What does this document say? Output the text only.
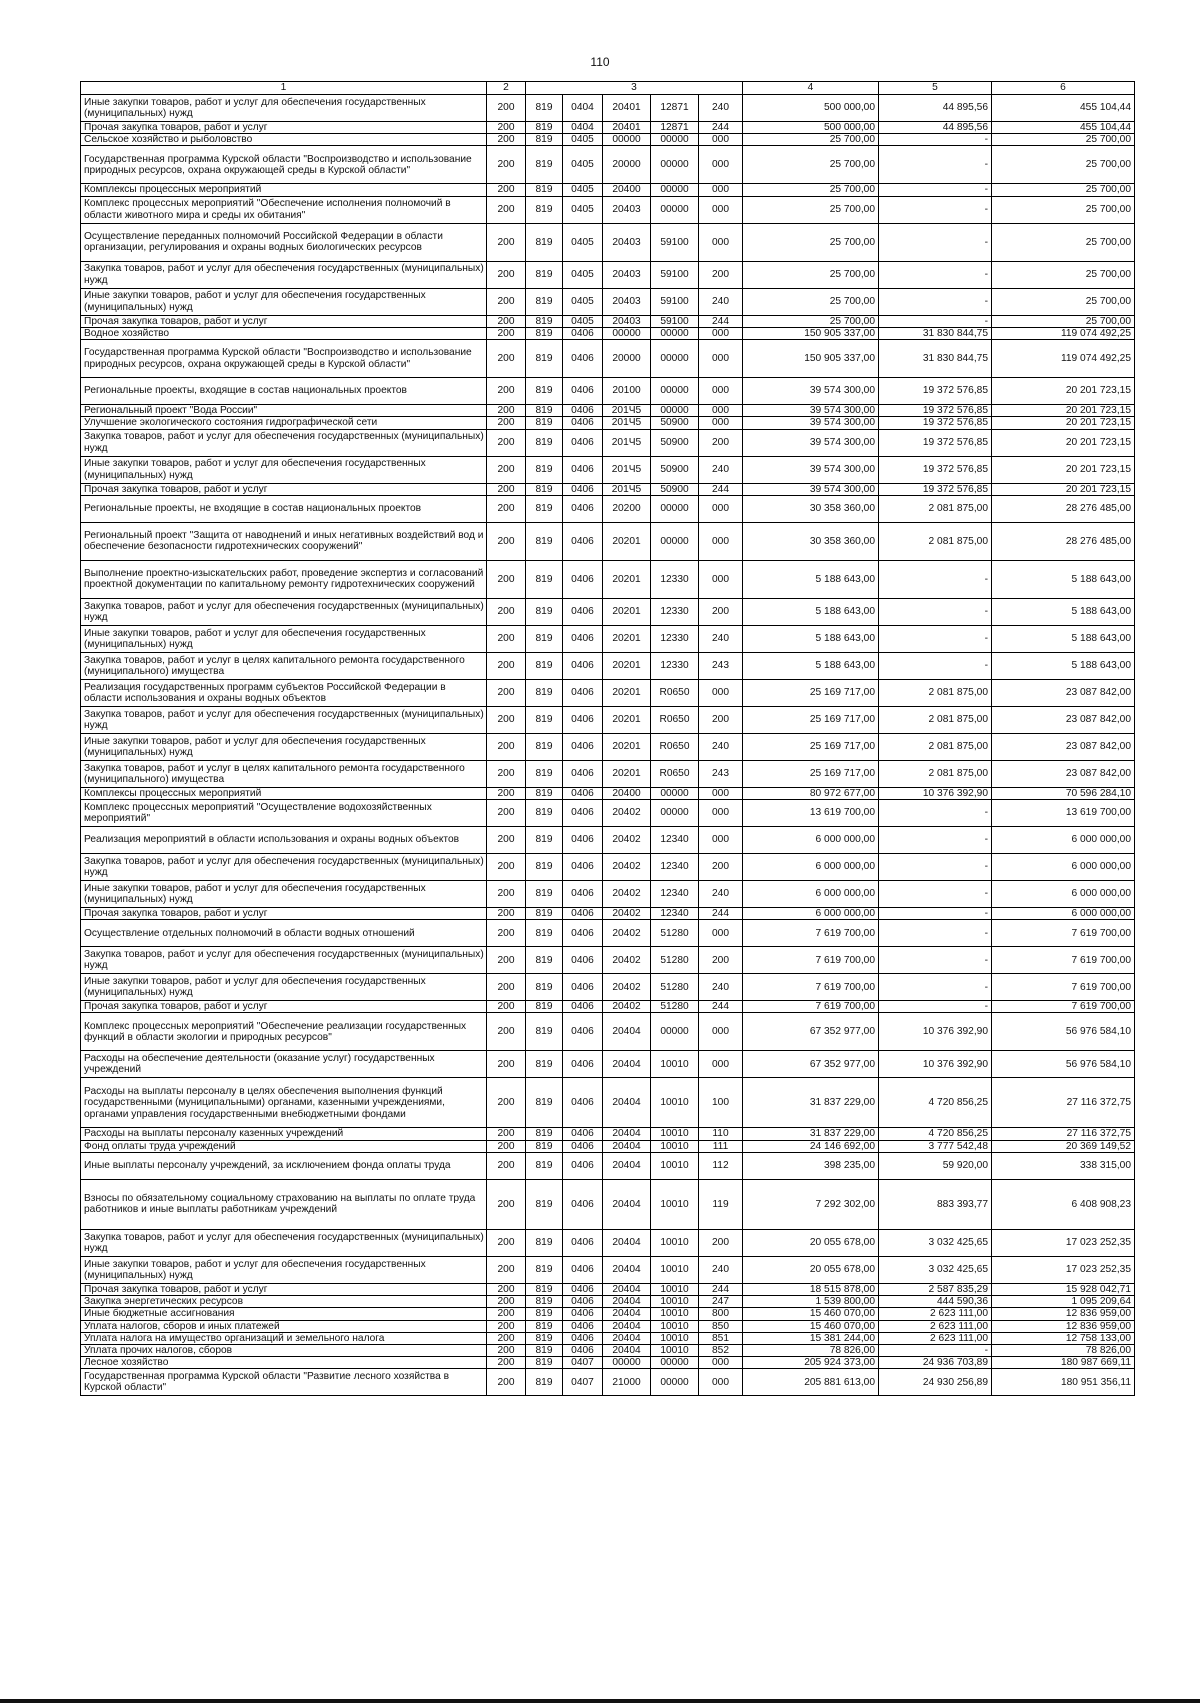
110
1	2	3					4	5	6
Иные закупки товаров, работ и услуг для обеспечения государственных (муниципальных) нужд	200	819	0404	20401	12871	240	500 000,00	44 895,56	455 104,44
Прочая закупка товаров, работ и услуг	200	819	0404	20401	12871	244	500 000,00	44 895,56	455 104,44
Сельское хозяйство и рыболовство	200	819	0405	00000	00000	000	25 700,00	-	25 700,00
Государственная программа Курской области "Воспроизводство и использование природных ресурсов, охрана окружающей среды в Курской области"	200	819	0405	20000	00000	000	25 700,00	-	25 700,00
Комплексы процессных мероприятий	200	819	0405	20400	00000	000	25 700,00	-	25 700,00
Комплекс процессных мероприятий "Обеспечение исполнения полномочий в области животного мира и среды их обитания"	200	819	0405	20403	00000	000	25 700,00	-	25 700,00
Осуществление переданных полномочий Российской Федерации в области организации, регулирования и охраны водных биологических ресурсов	200	819	0405	20403	59100	000	25 700,00	-	25 700,00
Закупка товаров, работ и услуг для обеспечения государственных (муниципальных) нужд	200	819	0405	20403	59100	200	25 700,00	-	25 700,00
Иные закупки товаров, работ и услуг для обеспечения государственных (муниципальных) нужд	200	819	0405	20403	59100	240	25 700,00	-	25 700,00
Прочая закупка товаров, работ и услуг	200	819	0405	20403	59100	244	25 700,00	-	25 700,00
Водное хозяйство	200	819	0406	00000	00000	000	150 905 337,00	31 830 844,75	119 074 492,25
Государственная программа Курской области "Воспроизводство и использование природных ресурсов, охрана окружающей среды в Курской области"	200	819	0406	20000	00000	000	150 905 337,00	31 830 844,75	119 074 492,25
Региональные проекты, входящие в состав национальных проектов	200	819	0406	20100	00000	000	39 574 300,00	19 372 576,85	20 201 723,15
Региональный проект "Вода России"	200	819	0406	201Ч5	00000	000	39 574 300,00	19 372 576,85	20 201 723,15
Улучшение экологического состояния гидрографической сети	200	819	0406	201Ч5	50900	000	39 574 300,00	19 372 576,85	20 201 723,15
Закупка товаров, работ и услуг для обеспечения государственных (муниципальных) нужд	200	819	0406	201Ч5	50900	200	39 574 300,00	19 372 576,85	20 201 723,15
Иные закупки товаров, работ и услуг для обеспечения государственных (муниципальных) нужд	200	819	0406	201Ч5	50900	240	39 574 300,00	19 372 576,85	20 201 723,15
Прочая закупка товаров, работ и услуг	200	819	0406	201Ч5	50900	244	39 574 300,00	19 372 576,85	20 201 723,15
Региональные проекты, не входящие в состав национальных проектов	200	819	0406	20200	00000	000	30 358 360,00	2 081 875,00	28 276 485,00
Региональный проект "Защита от наводнений и иных негативных воздействий вод и обеспечение безопасности гидротехнических сооружений"	200	819	0406	20201	00000	000	30 358 360,00	2 081 875,00	28 276 485,00
Выполнение проектно-изыскательских работ, проведение экспертиз и согласований проектной документации по капитальному ремонту гидротехнических сооружений	200	819	0406	20201	12330	000	5 188 643,00	-	5 188 643,00
Закупка товаров, работ и услуг для обеспечения государственных (муниципальных) нужд	200	819	0406	20201	12330	200	5 188 643,00	-	5 188 643,00
Иные закупки товаров, работ и услуг для обеспечения государственных (муниципальных) нужд	200	819	0406	20201	12330	240	5 188 643,00	-	5 188 643,00
Закупка товаров, работ и услуг в целях капитального ремонта государственного (муниципального) имущества	200	819	0406	20201	12330	243	5 188 643,00	-	5 188 643,00
Реализация государственных программ субъектов Российской Федерации в области использования и охраны водных объектов	200	819	0406	20201	R0650	000	25 169 717,00	2 081 875,00	23 087 842,00
Закупка товаров, работ и услуг для обеспечения государственных (муниципальных) нужд	200	819	0406	20201	R0650	200	25 169 717,00	2 081 875,00	23 087 842,00
Иные закупки товаров, работ и услуг для обеспечения государственных (муниципальных) нужд	200	819	0406	20201	R0650	240	25 169 717,00	2 081 875,00	23 087 842,00
Закупка товаров, работ и услуг в целях капитального ремонта государственного (муниципального) имущества	200	819	0406	20201	R0650	243	25 169 717,00	2 081 875,00	23 087 842,00
Комплексы процессных мероприятий	200	819	0406	20400	00000	000	80 972 677,00	10 376 392,90	70 596 284,10
Комплекс процессных мероприятий "Осуществление водохозяйственных мероприятий"	200	819	0406	20402	00000	000	13 619 700,00	-	13 619 700,00
Реализация мероприятий в области использования и охраны водных объектов	200	819	0406	20402	12340	000	6 000 000,00	-	6 000 000,00
Закупка товаров, работ и услуг для обеспечения государственных (муниципальных) нужд	200	819	0406	20402	12340	200	6 000 000,00	-	6 000 000,00
Иные закупки товаров, работ и услуг для обеспечения государственных (муниципальных) нужд	200	819	0406	20402	12340	240	6 000 000,00	-	6 000 000,00
Прочая закупка товаров, работ и услуг	200	819	0406	20402	12340	244	6 000 000,00	-	6 000 000,00
Осуществление отдельных полномочий в области водных отношений	200	819	0406	20402	51280	000	7 619 700,00	-	7 619 700,00
Закупка товаров, работ и услуг для обеспечения государственных (муниципальных) нужд	200	819	0406	20402	51280	200	7 619 700,00	-	7 619 700,00
Иные закупки товаров, работ и услуг для обеспечения государственных (муниципальных) нужд	200	819	0406	20402	51280	240	7 619 700,00	-	7 619 700,00
Прочая закупка товаров, работ и услуг	200	819	0406	20402	51280	244	7 619 700,00	-	7 619 700,00
Комплекс процессных мероприятий "Обеспечение реализации государственных функций в области экологии и природных ресурсов"	200	819	0406	20404	00000	000	67 352 977,00	10 376 392,90	56 976 584,10
Расходы на обеспечение деятельности (оказание услуг) государственных учреждений	200	819	0406	20404	10010	000	67 352 977,00	10 376 392,90	56 976 584,10
Расходы на выплаты персоналу в целях обеспечения выполнения функций государственными (муниципальными) органами, казенными учреждениями, органами управления государственными внебюджетными фондами	200	819	0406	20404	10010	100	31 837 229,00	4 720 856,25	27 116 372,75
Расходы на выплаты персоналу казенных учреждений	200	819	0406	20404	10010	110	31 837 229,00	4 720 856,25	27 116 372,75
Фонд оплаты труда учреждений	200	819	0406	20404	10010	111	24 146 692,00	3 777 542,48	20 369 149,52
Иные выплаты персоналу учреждений, за исключением фонда оплаты труда	200	819	0406	20404	10010	112	398 235,00	59 920,00	338 315,00
Взносы по обязательному социальному страхованию на выплаты по оплате труда работников и иные выплаты работникам учреждений	200	819	0406	20404	10010	119	7 292 302,00	883 393,77	6 408 908,23
Закупка товаров, работ и услуг для обеспечения государственных (муниципальных) нужд	200	819	0406	20404	10010	200	20 055 678,00	3 032 425,65	17 023 252,35
Иные закупки товаров, работ и услуг для обеспечения государственных (муниципальных) нужд	200	819	0406	20404	10010	240	20 055 678,00	3 032 425,65	17 023 252,35
Прочая закупка товаров, работ и услуг	200	819	0406	20404	10010	244	18 515 878,00	2 587 835,29	15 928 042,71
Закупка энергетических ресурсов	200	819	0406	20404	10010	247	1 539 800,00	444 590,36	1 095 209,64
Иные бюджетные ассигнования	200	819	0406	20404	10010	800	15 460 070,00	2 623 111,00	12 836 959,00
Уплата налогов, сборов и иных платежей	200	819	0406	20404	10010	850	15 460 070,00	2 623 111,00	12 836 959,00
Уплата налога на имущество организаций и земельного налога	200	819	0406	20404	10010	851	15 381 244,00	2 623 111,00	12 758 133,00
Уплата прочих налогов, сборов	200	819	0406	20404	10010	852	78 826,00	-	78 826,00
Лесное хозяйство	200	819	0407	00000	00000	000	205 924 373,00	24 936 703,89	180 987 669,11
Государственная программа Курской области "Развитие лесного хозяйства в Курской области"	200	819	0407	21000	00000	000	205 881 613,00	24 930 256,89	180 951 356,11
